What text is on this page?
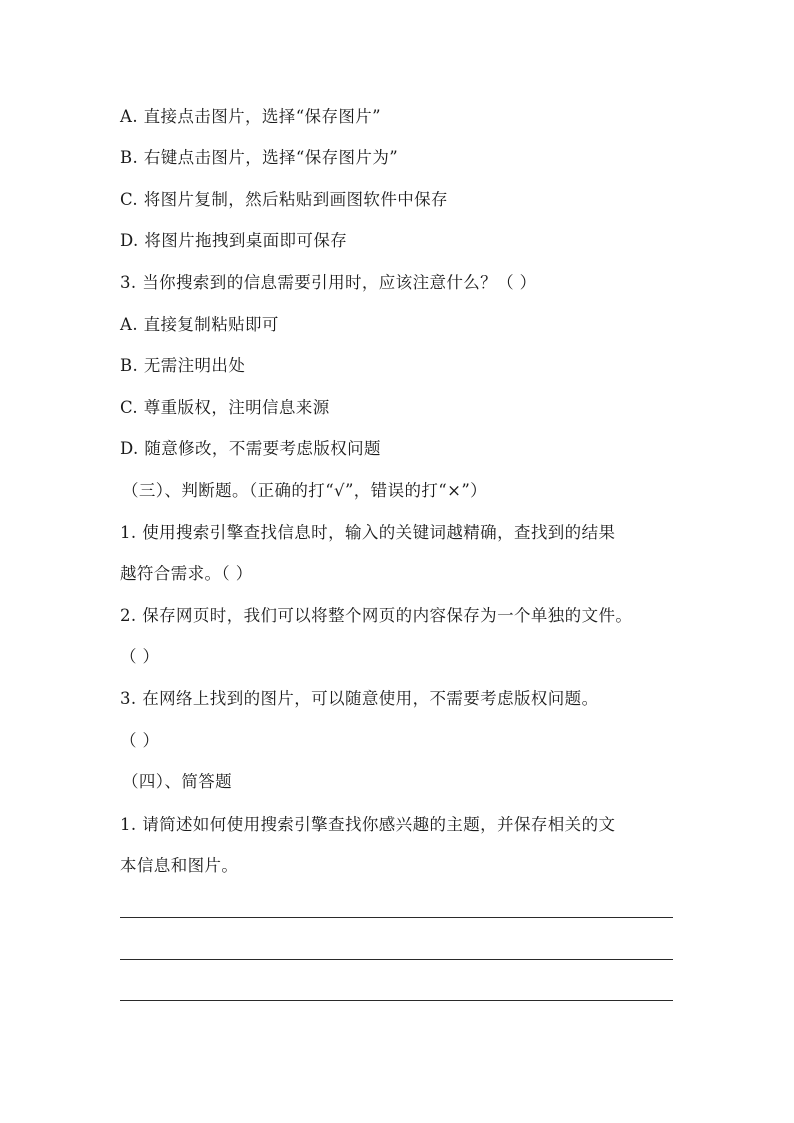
A. 直接点击图片，选择“保存图片”
B. 右键点击图片，选择“保存图片为”
C. 将图片复制，然后粘贴到画图软件中保存
D. 将图片拖拽到桌面即可保存
3. 当你搜索到的信息需要引用时，应该注意什么？（ ）
A. 直接复制粘贴即可
B. 无需注明出处
C. 尊重版权，注明信息来源
D. 随意修改，不需要考虑版权问题
（三）、判断题。（正确的打“√”，错误的打“×”）
1. 使用搜索引擎查找信息时，输入的关键词越精确，查找到的结果
越符合需求。（ ）
2. 保存网页时，我们可以将整个网页的内容保存为一个单独的文件。
（ ）
3. 在网络上找到的图片，可以随意使用，不需要考虑版权问题。
（ ）
（四）、简答题
1. 请简述如何使用搜索引擎查找你感兴趣的主题，并保存相关的文
本信息和图片。
